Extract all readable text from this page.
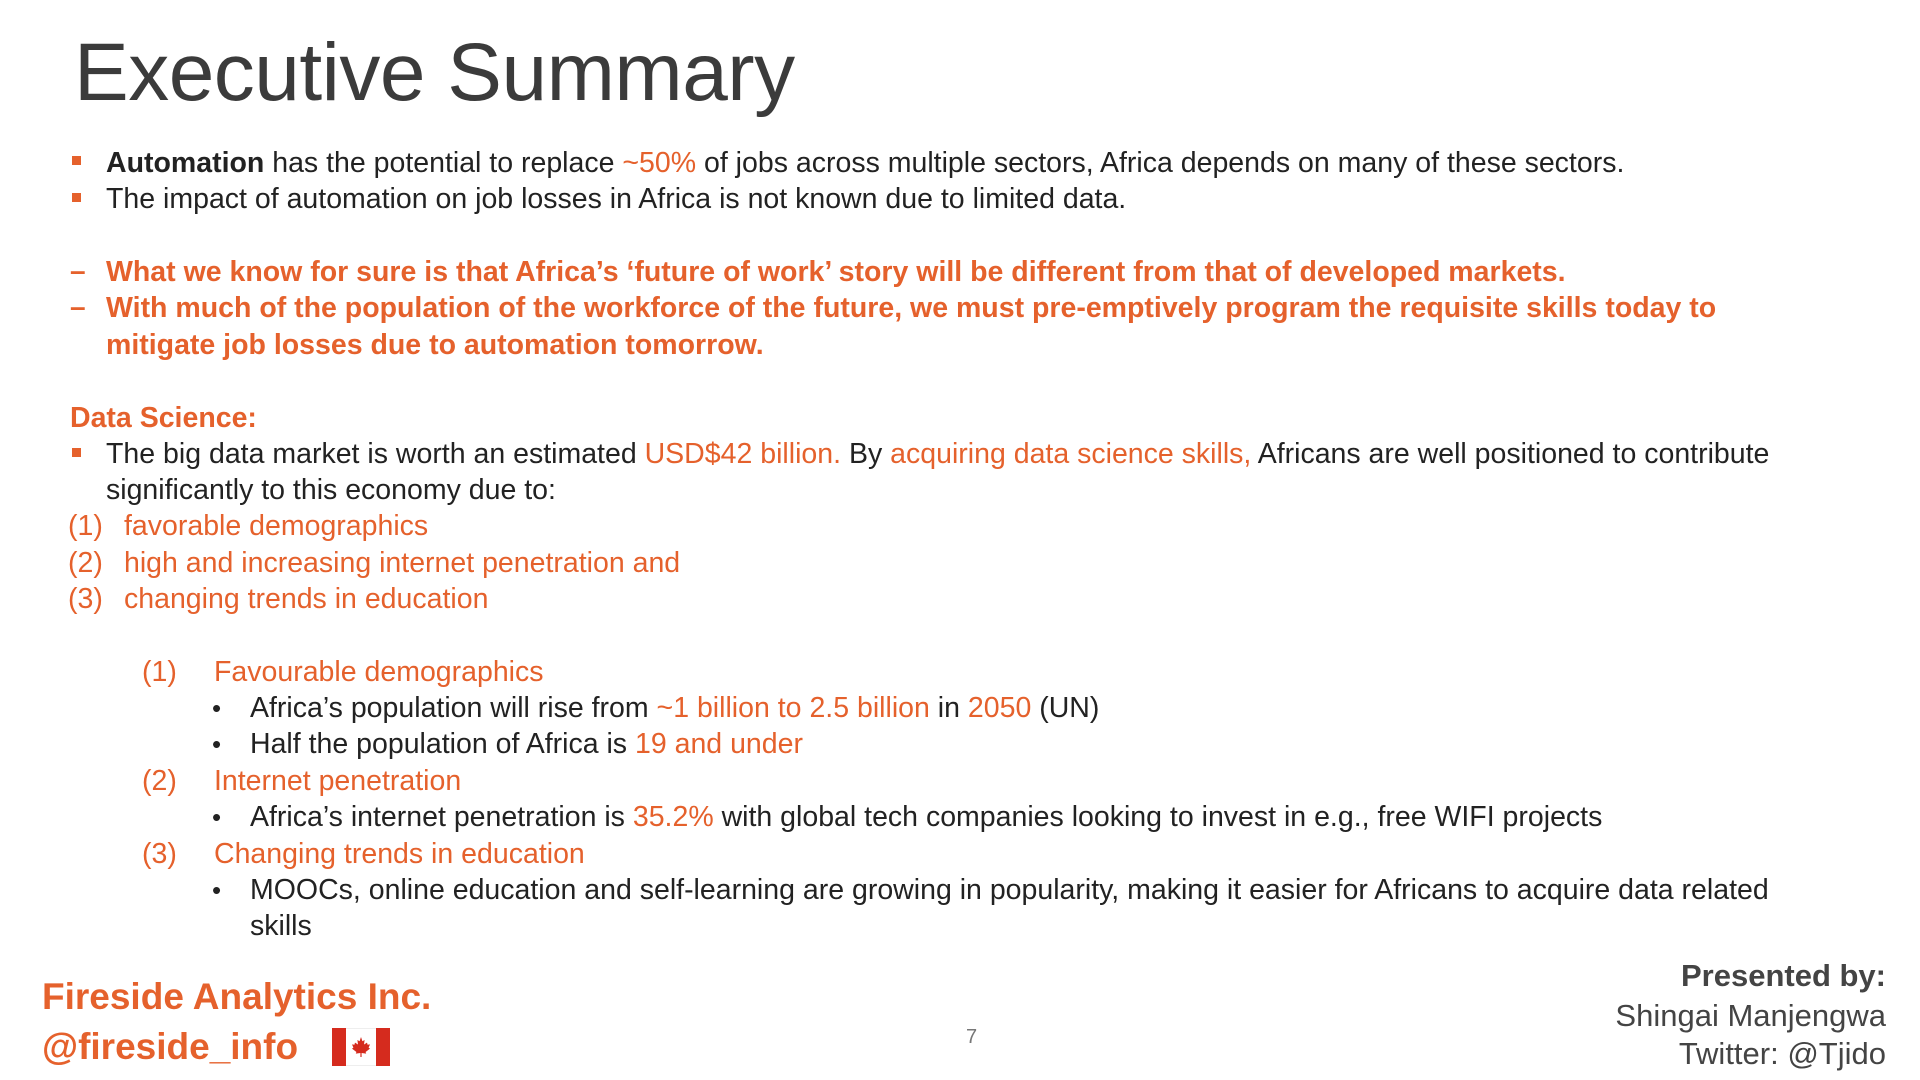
Executive Summary
Automation has the potential to replace ~50% of jobs across multiple sectors, Africa depends on many of these sectors.
The impact of automation on job losses in Africa is not known due to limited data.
– What we know for sure is that Africa’s ‘future of work’ story will be different from that of developed markets.
– With much of the population of the workforce of the future, we must pre-emptively program the requisite skills today to
mitigate job losses due to automation tomorrow.
Data Science:
The big data market is worth an estimated USD$42 billion. By acquiring data science skills, Africans are well positioned to contribute
significantly to this economy due to:
(1) favorable demographics
(2) high and increasing internet penetration and
(3) changing trends in education
(1) Favourable demographics
• Africa’s population will rise from ~1 billion to 2.5 billion in 2050 (UN)
• Half the population of Africa is 19 and under
(2) Internet penetration
• Africa’s internet penetration is 35.2% with global tech companies looking to invest in e.g., free WIFI projects
(3) Changing trends in education
• MOOCs, online education and self-learning are growing in popularity, making it easier for Africans to acquire data related
skills
Fireside Analytics Inc.
@fireside_info	7
Presented by:
Shingai Manjengwa
Twitter: @Tjido
